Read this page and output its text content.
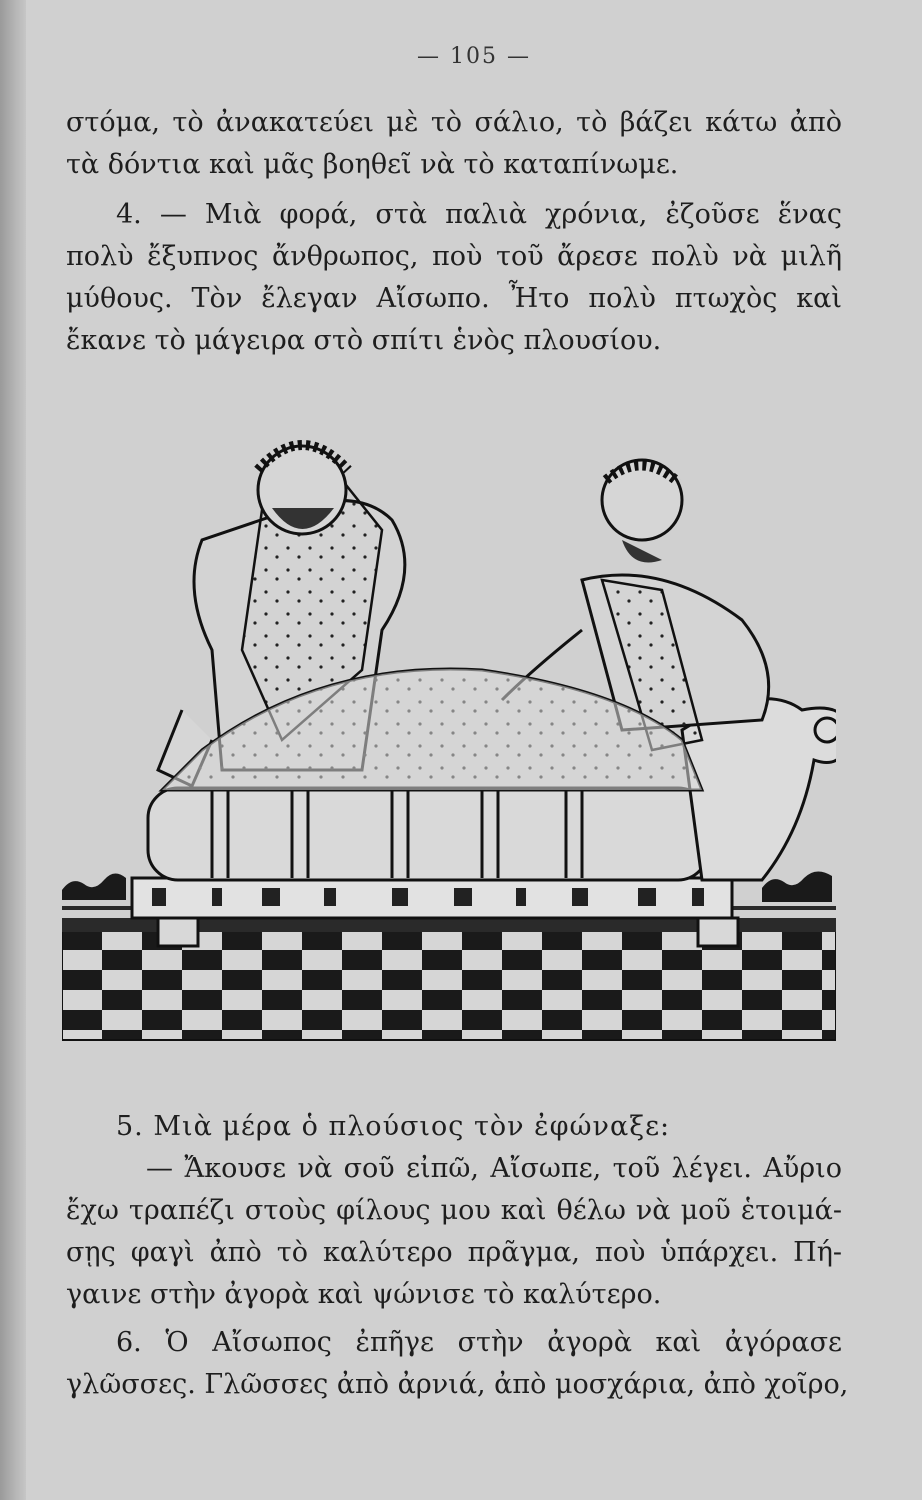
— 105 —
στόμα, τὸ ἀνακατεύει μὲ τὸ σάλιο, τὸ βάζει κάτω ἀπὸ
τὰ δόντια καὶ μᾶς βοηθεῖ νὰ τὸ καταπίνωμε.
4. — Μιὰ φορά, στὰ παλιὰ χρόνια, ἐζοῦσε ἕνας
πολὺ ἔξυπνος ἄνθρωπος, ποὺ τοῦ ἄρεσε πολὺ νὰ μιλῆ
μύθους. Τὸν ἔλεγαν Αἴσωπο. Ἦτο πολὺ πτωχὸς καὶ
ἔκανε τὸ μάγειρα στὸ σπίτι ἑνὸς πλουσίου.
5. Μιὰ μέρα ὁ πλούσιος τὸν ἐφώναξε:
— Ἄκουσε νὰ σοῦ εἰπῶ, Αἴσωπε, τοῦ λέγει. Αὔριο
ἔχω τραπέζι στοὺς φίλους μου καὶ θέλω νὰ μοῦ ἑτοιμά-
σῃς φαγὶ ἀπὸ τὸ καλύτερο πρᾶγμα, ποὺ ὑπάρχει. Πή-
γαινε στὴν ἀγορὰ καὶ ψώνισε τὸ καλύτερο.
6. Ὁ Αἴσωπος ἐπῆγε στὴν ἀγορὰ καὶ ἀγόρασε
γλῶσσες. Γλῶσσες ἀπὸ ἀρνιά, ἀπὸ μοσχάρια, ἀπὸ χοῖρο,
